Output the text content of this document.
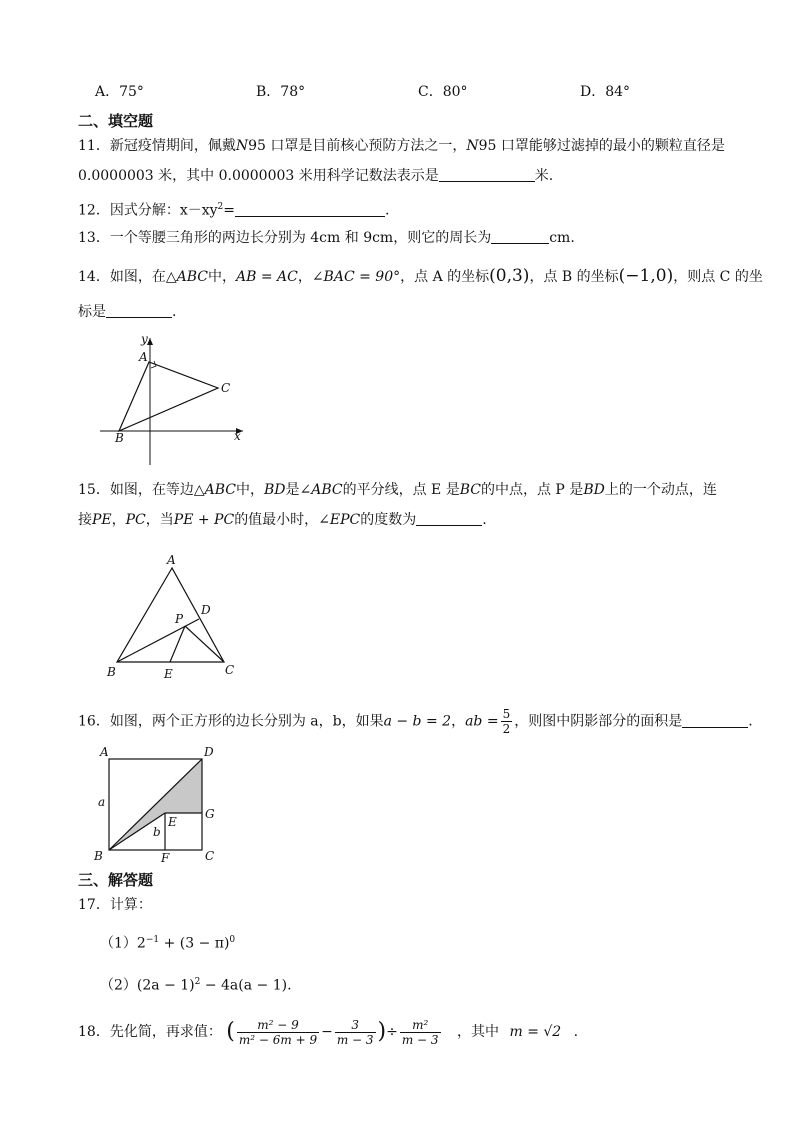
A．75°	B．78°	C．80°	D．84°
二、填空题
11．新冠疫情期间，佩戴N95 口罩是目前核心预防方法之一，N95 口罩能够过滤掉的最小的颗粒直径是
0.0000003 米，其中 0.0000003 米用科学记数法表示是	米.
12．因式分解：$x-xy^2=$	.
13．一个等腰三角形的两边长分别为 4cm 和 9cm，则它的周长为	cm.
14．如图，在△ABC中，AB = AC，∠BAC = 90°，点 A 的坐标(0,3)，点 B 的坐标(−1,0)，则点 C 的坐
标是	.
A
B
C
x
y
15．如图，在等边△ABC中，BD是∠ABC的平分线，点 E 是BC的中点，点 P 是BD上的一个动点，连
接PE，PC，当PE + PC的值最小时，∠EPC的度数为	.
A
B	C
D
E
P
16．如图，两个正方形的边长分别为 a，b，如果a − b = 2，ab = $\frac{5}{2}$ ，则图中阴影部分的面积是	.
A	D
B	C
G
E
F
a
b
三、解答题
17．计算：
$(1)2^{-1} + (3 - \pi)^0$
$(2)(2a - 1)^2 - 4a(a - 1)$.
18．先化简，再求值： ( $\frac{\text{m² − 9}}{\text{m² − 6m + 9}} - \frac{3}{m - 3}$ )÷ $\frac{\text{m²}}{m - 3}$ ，其中 m = √2 .
